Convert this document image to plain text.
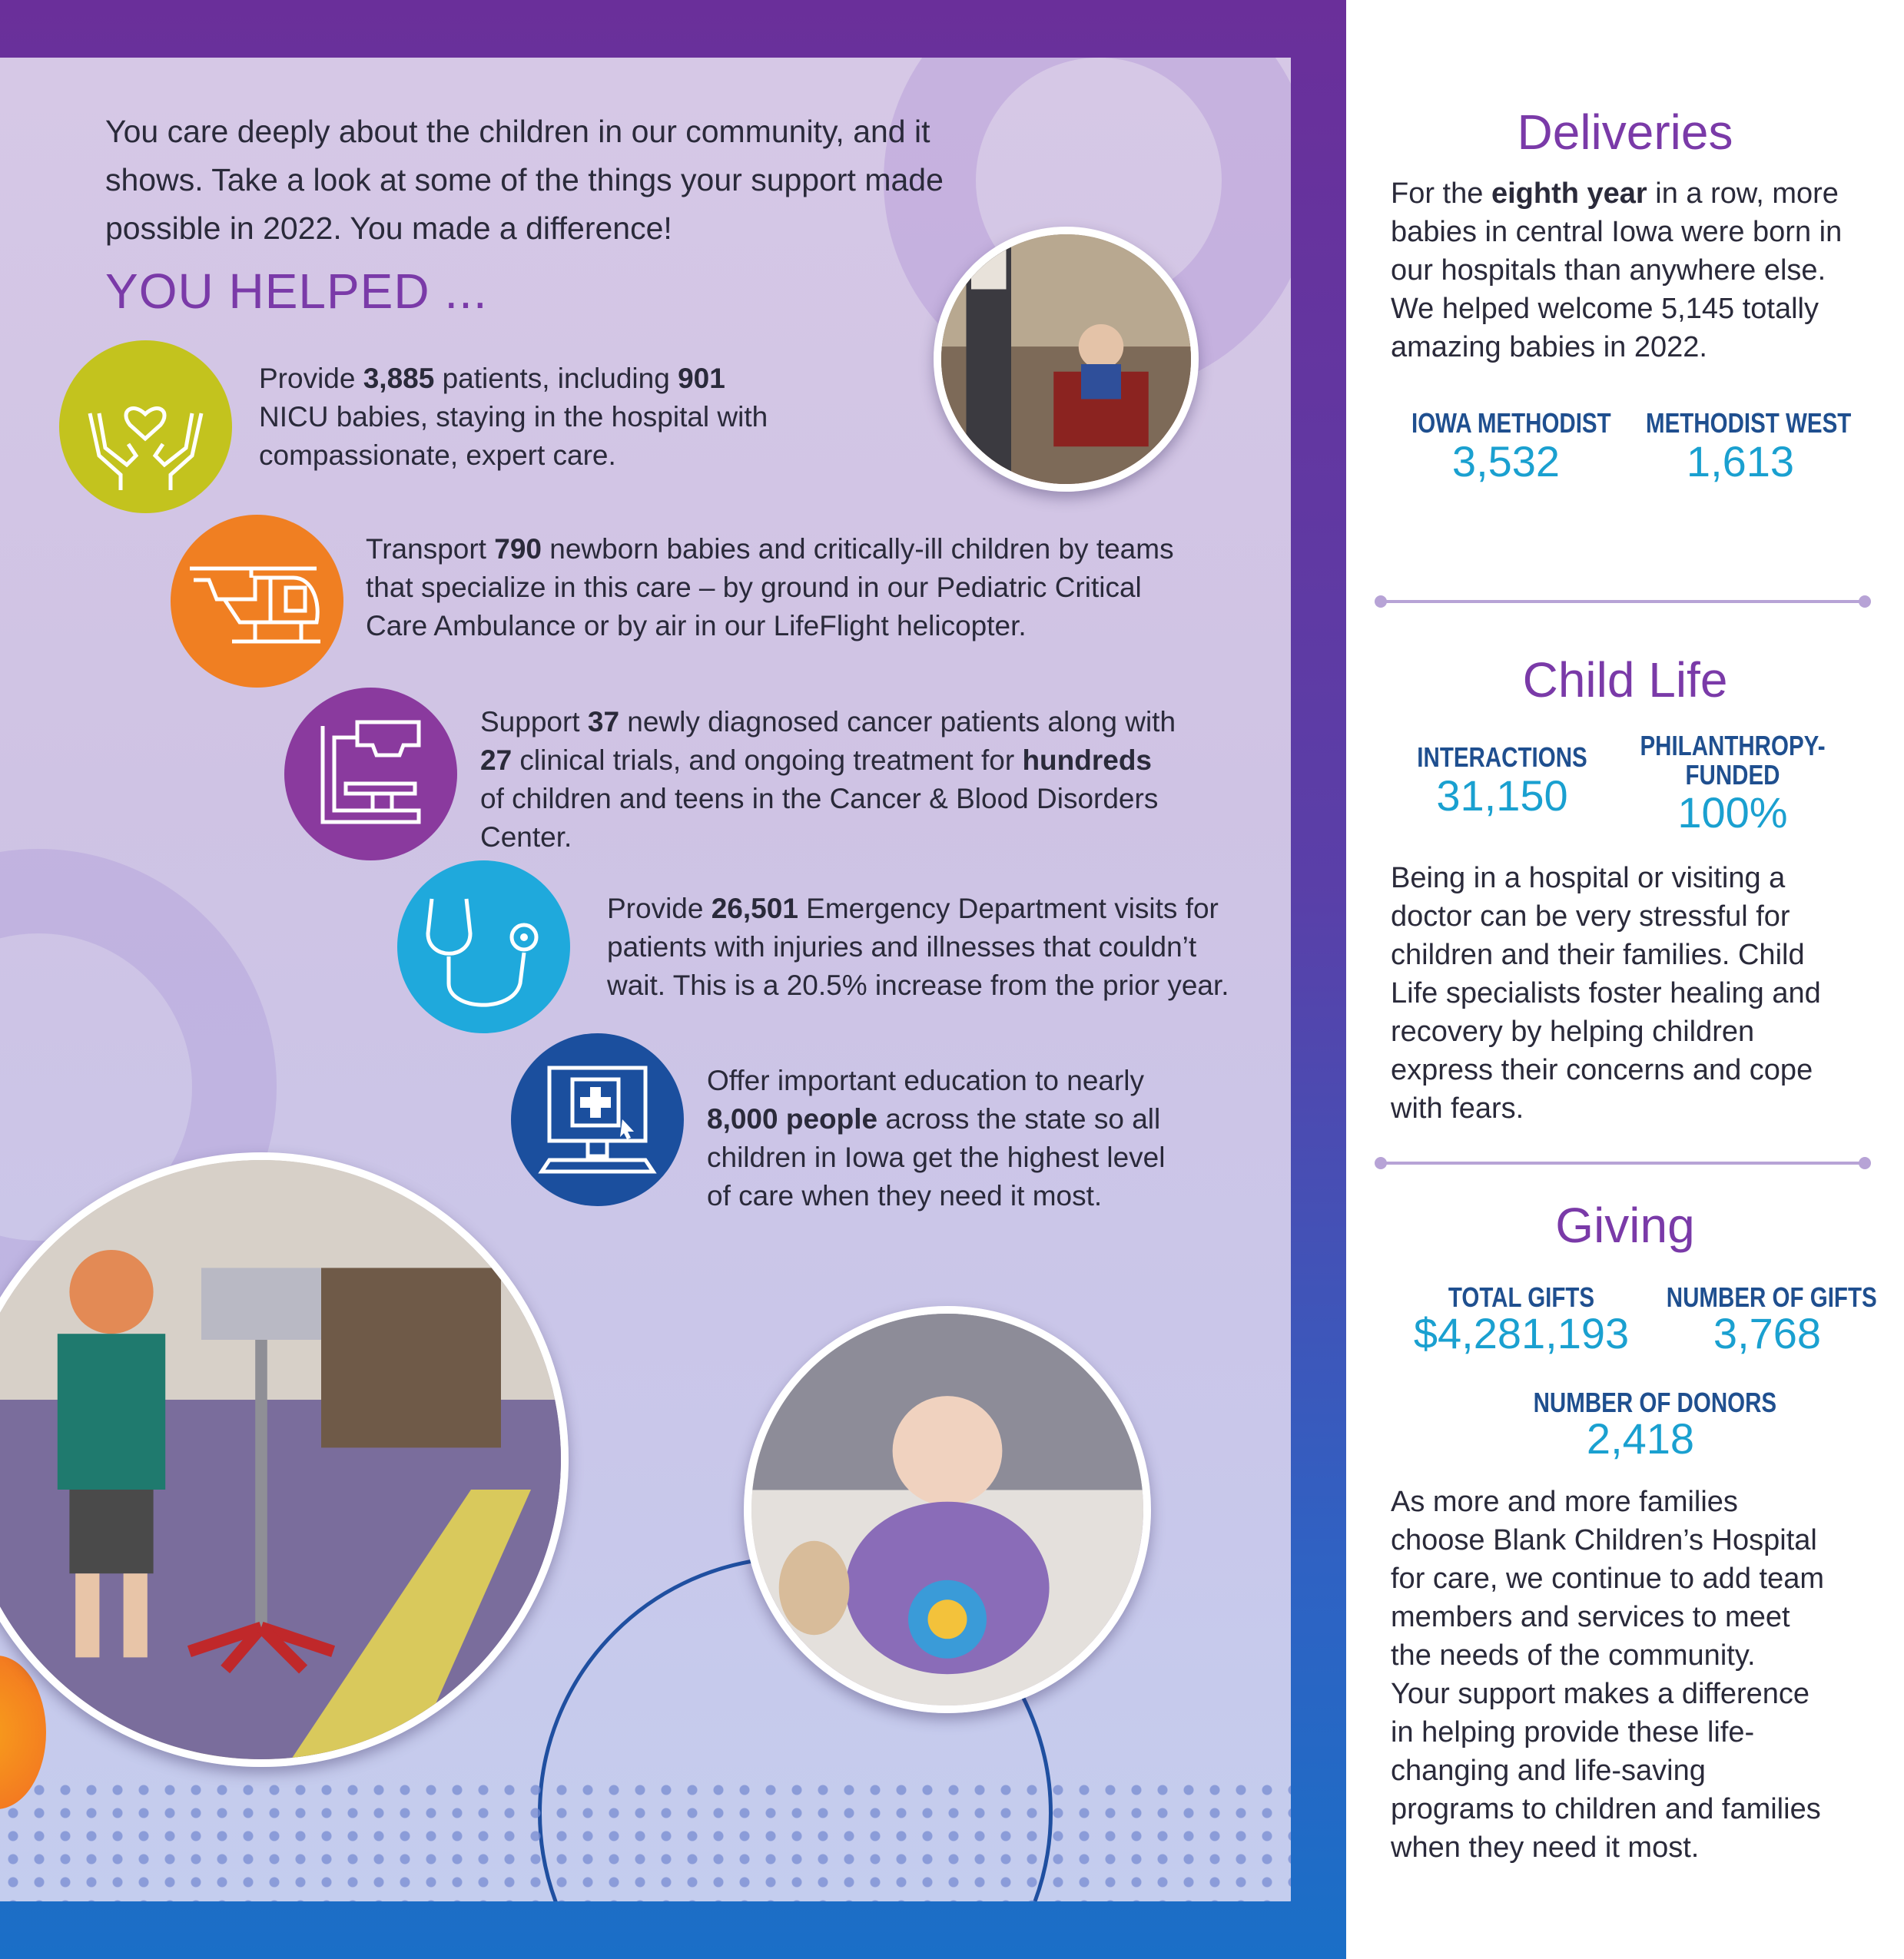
You care deeply about the children in our community, and it
shows. Take a look at some of the things your support made
possible in 2022. You made a difference!
YOU HELPED ...
Provide 3,885 patients, including 901
NICU babies, staying in the hospital with
compassionate, expert care.
Transport 790 newborn babies and critically-ill children by teams
that specialize in this care – by ground in our Pediatric Critical
Care Ambulance or by air in our LifeFlight helicopter.
Support 37 newly diagnosed cancer patients along with
27 clinical trials, and ongoing treatment for hundreds
of children and teens in the Cancer & Blood Disorders
Center.
Provide 26,501 Emergency Department visits for
patients with injuries and illnesses that couldn’t
wait. This is a 20.5% increase from the prior year.
Offer important education to nearly
8,000 people across the state so all
children in Iowa get the highest level
of care when they need it most.
Deliveries
For the eighth year in a row, more
babies in central Iowa were born in
our hospitals than anywhere else.
We helped welcome 5,145 totally
amazing babies in 2022.
IOWA METHODIST
3,532
METHODIST WEST
1,613
Child Life
INTERACTIONS
31,150
PHILANTHROPY-
FUNDED
100%
Being in a hospital or visiting a
doctor can be very stressful for
children and their families. Child
Life specialists foster healing and
recovery by helping children
express their concerns and cope
with fears.
Giving
TOTAL GIFTS
$4,281,193
NUMBER OF GIFTS
3,768
NUMBER OF DONORS
2,418
As more and more families
choose Blank Children’s Hospital
for care, we continue to add team
members and services to meet
the needs of the community.
Your support makes a difference
in helping provide these life-
changing and life-saving
programs to children and families
when they need it most.
